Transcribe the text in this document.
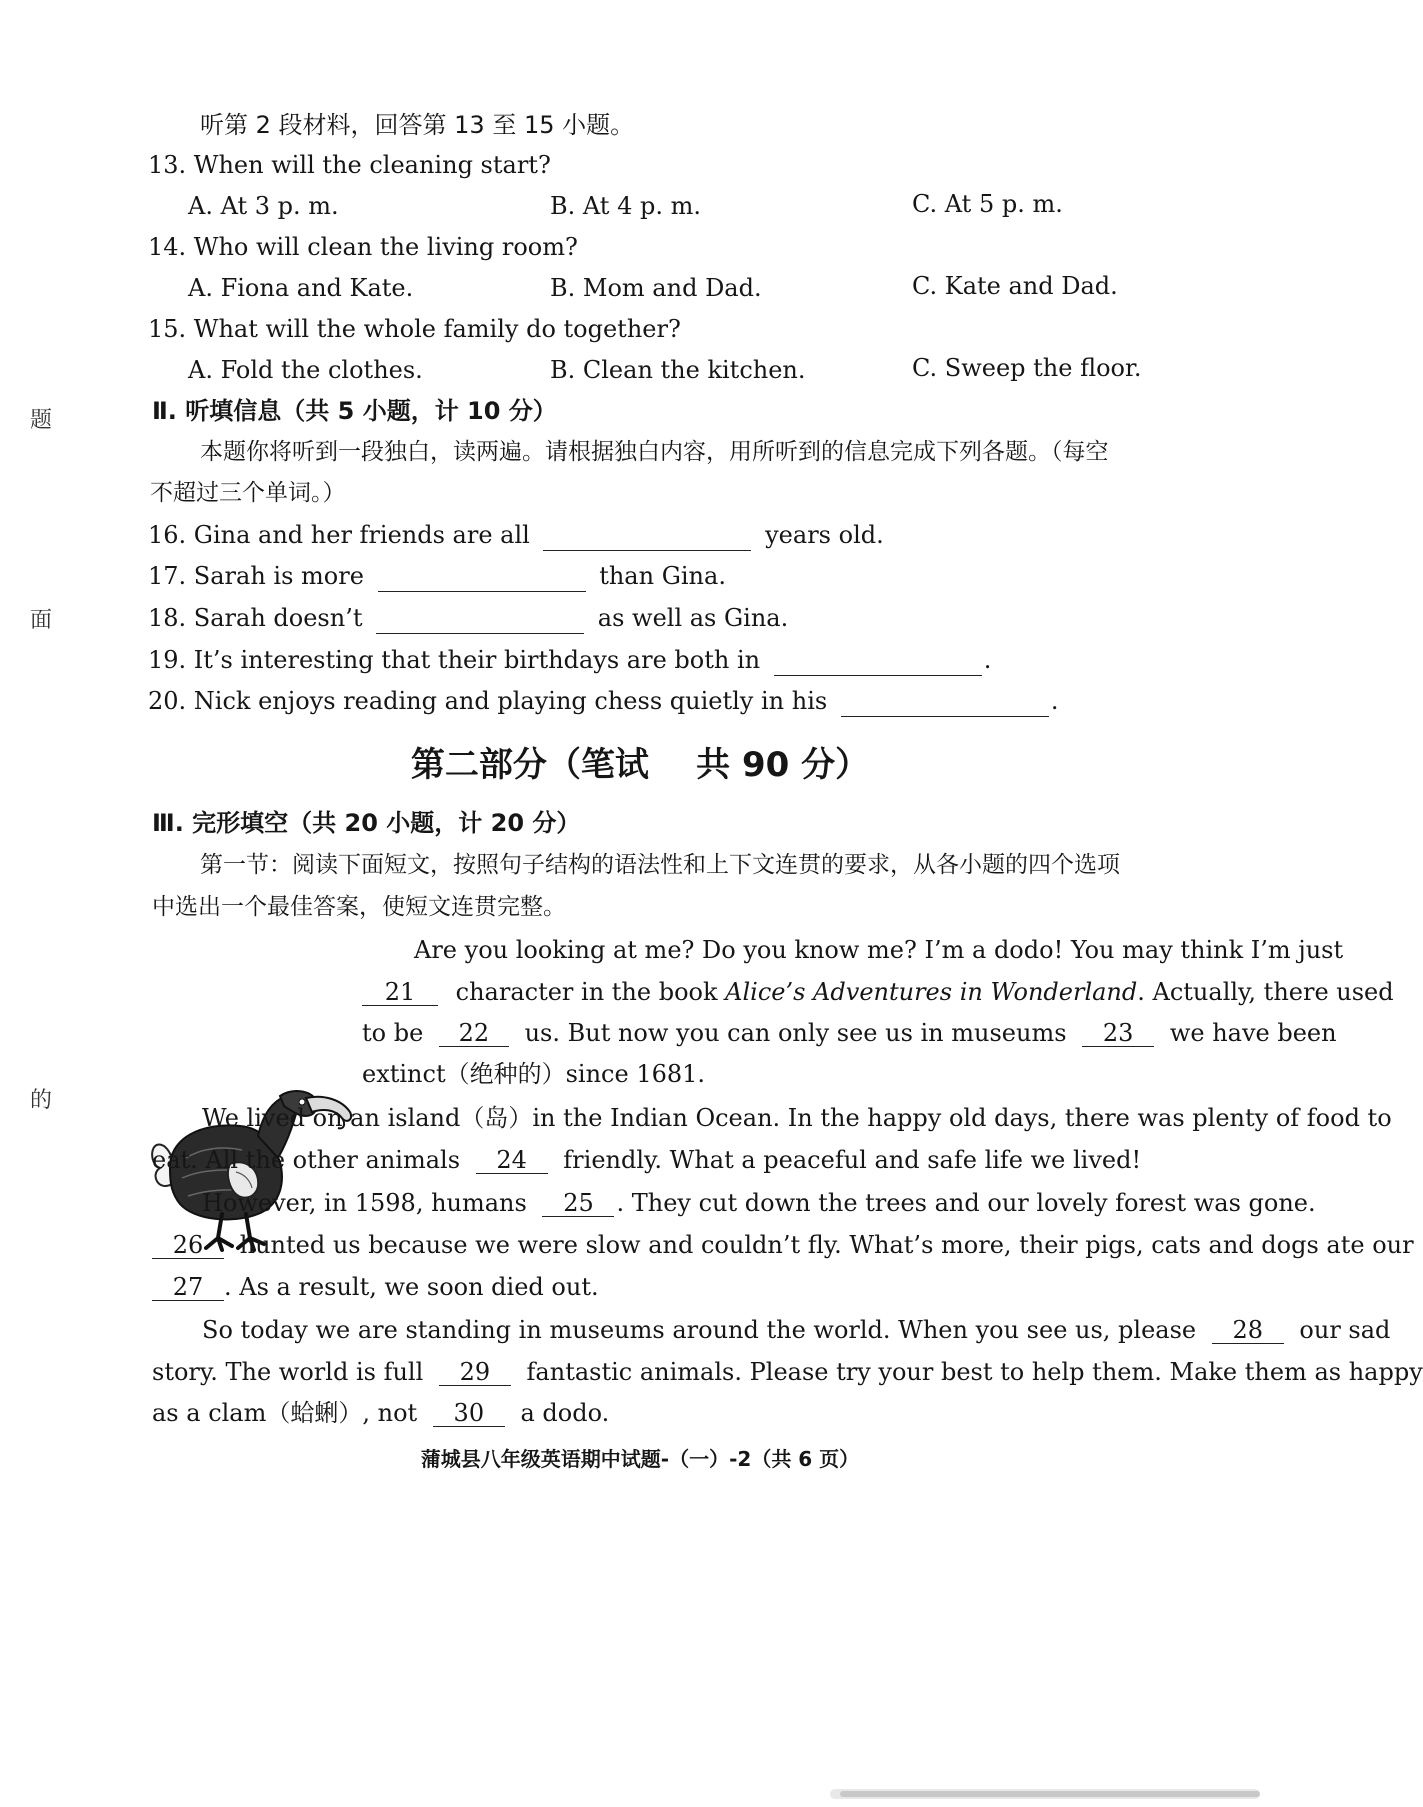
题
面
的
听第 2 段材料，回答第 13 至 15 小题。
13. When will the cleaning start?
A. At 3 p. m.	B. At 4 p. m.	C. At 5 p. m.
14. Who will clean the living room?
A. Fiona and Kate.	B. Mom and Dad.	C. Kate and Dad.
15. What will the whole family do together?
A. Fold the clothes.	B. Clean the kitchen.	C. Sweep the floor.
Ⅱ. 听填信息（共 5 小题，计 10 分）
本题你将听到一段独白，读两遍。请根据独白内容，用所听到的信息完成下列各题。（每空
不超过三个单词。）
16. Gina and her friends are all	years old.
17. Sarah is more	than Gina.
18. Sarah doesn’t	as well as Gina.
19. It’s interesting that their birthdays are both in	.
20. Nick enjoys reading and playing chess quietly in his	.
第二部分（笔试    共 90 分）
Ⅲ. 完形填空（共 20 小题，计 20 分）
第一节：阅读下面短文，按照句子结构的语法性和上下文连贯的要求，从各小题的四个选项
中选出一个最佳答案，使短文连贯完整。
Are you looking at me? Do you know me? I’m a dodo! You may think I’m just
21 character in the book Alice’s Adventures in Wonderland. Actually, there used
to be 22 us. But now you can only see us in museums 23 we have been
extinct（绝种的）since 1681.
We lived on an island（岛）in the Indian Ocean. In the happy old days, there was plenty of food to
eat. All the other animals 24 friendly. What a peaceful and safe life we lived!
However, in 1598, humans 25 . They cut down the trees and our lovely forest was gone.
26 hunted us because we were slow and couldn’t fly. What’s more, their pigs, cats and dogs ate our
27 . As a result, we soon died out.
So today we are standing in museums around the world. When you see us, please 28 our sad
story. The world is full 29 fantastic animals. Please try your best to help them. Make them as happy
as a clam（蛤蜊）, not 30 a dodo.
蒲城县八年级英语期中试题-（一）-2（共 6 页）
